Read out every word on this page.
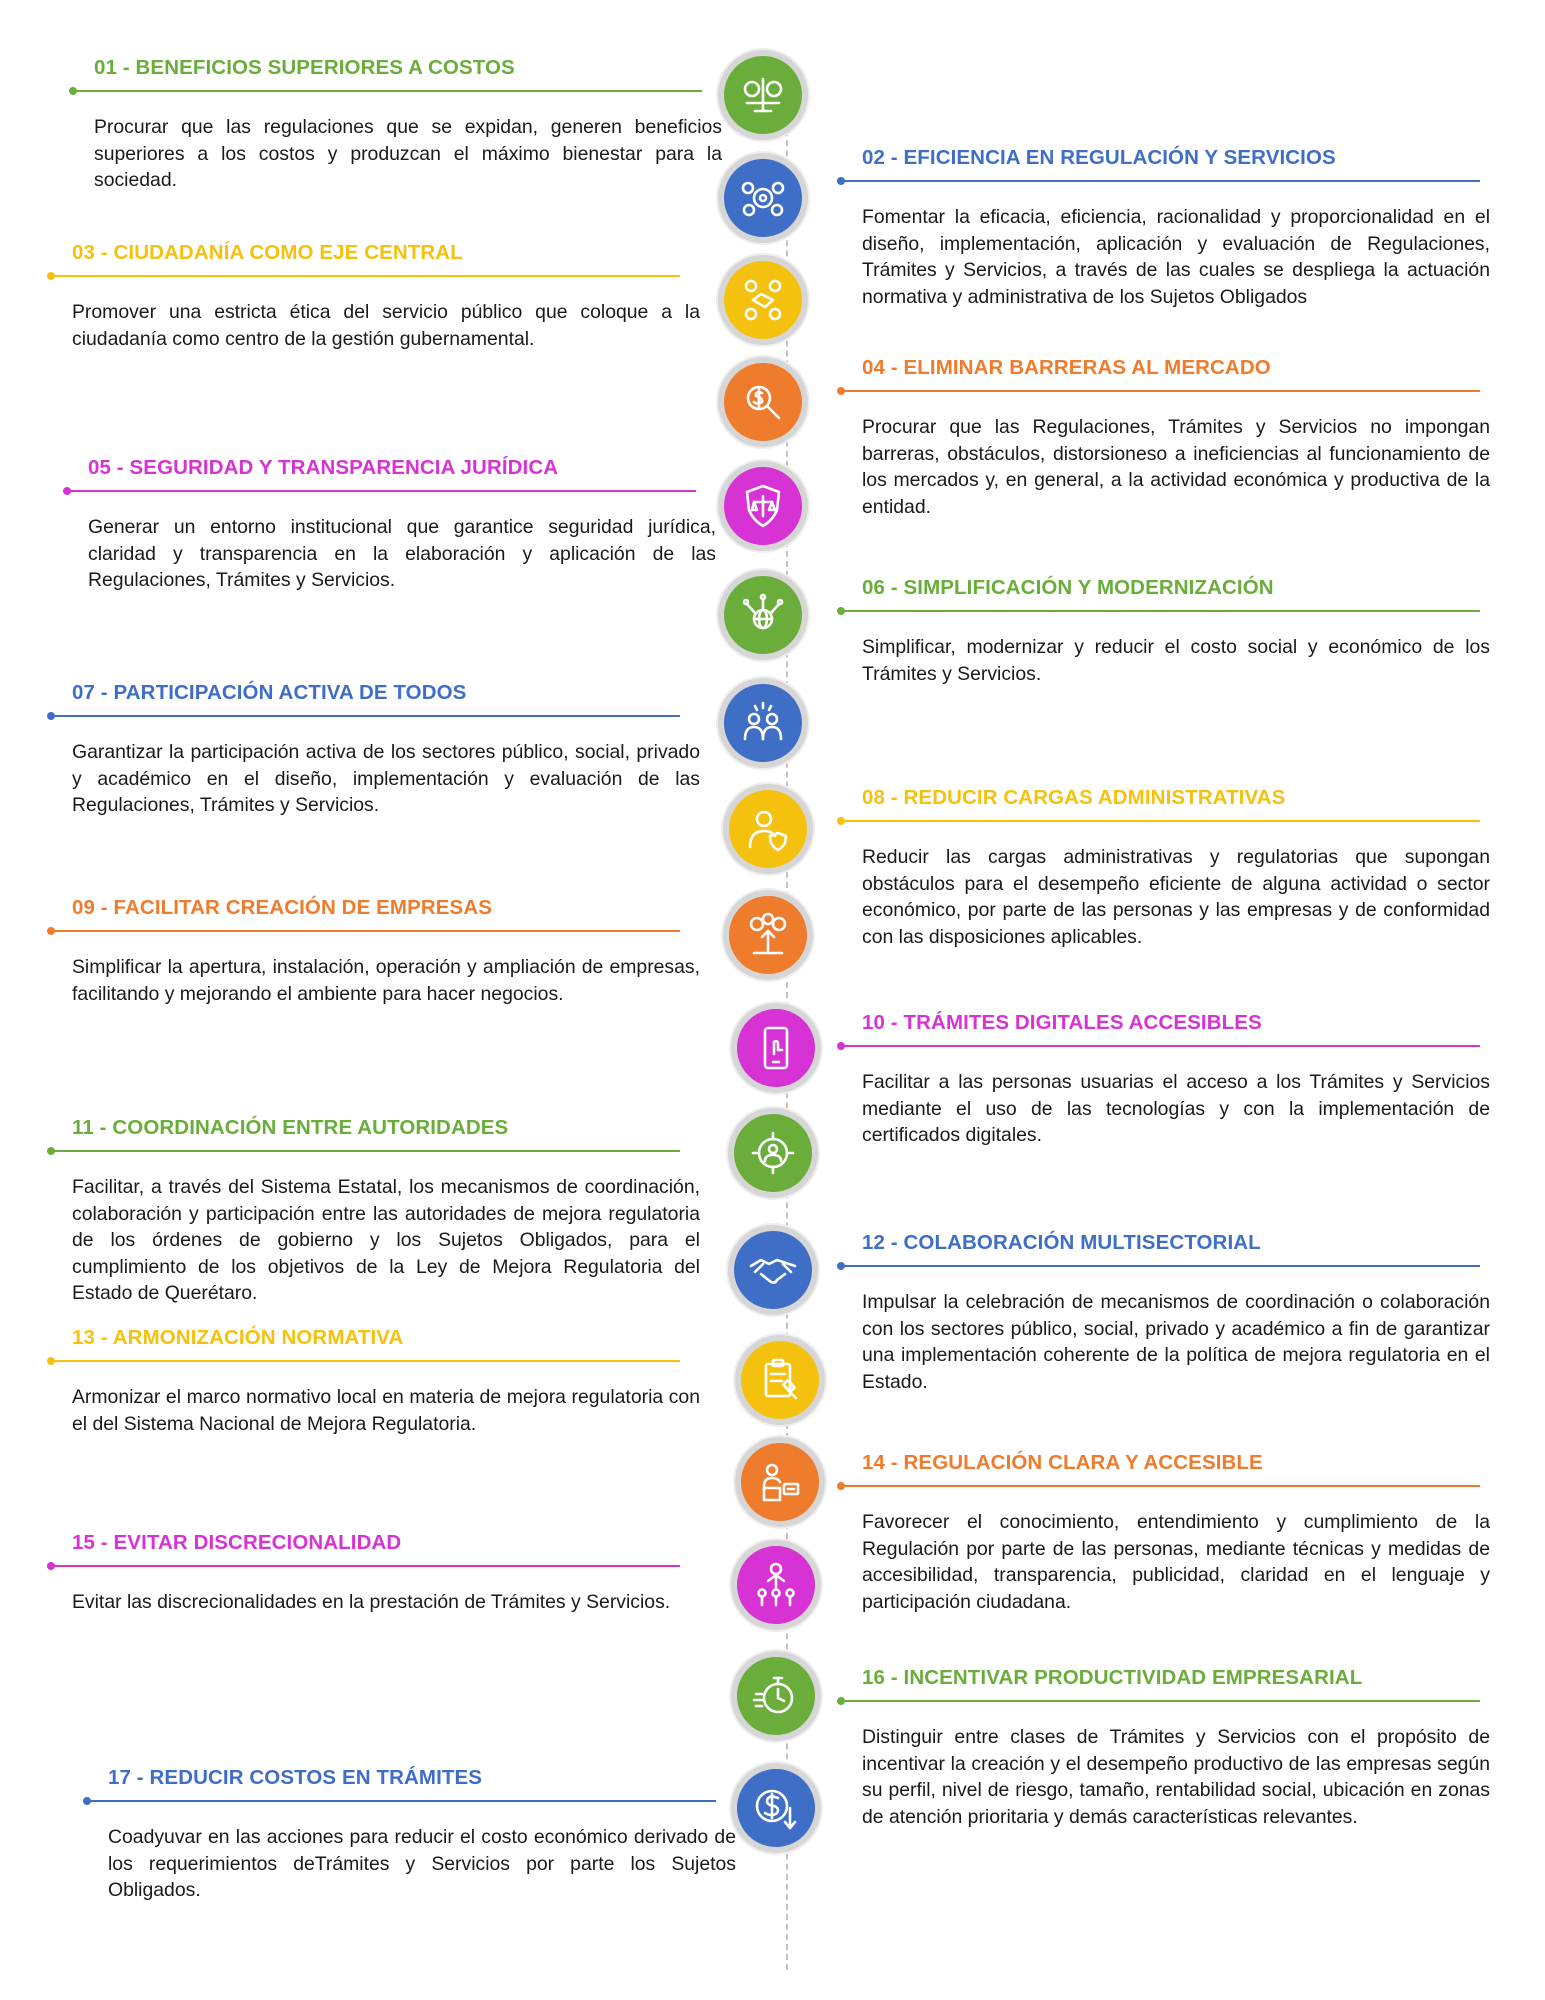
01 - BENEFICIOS SUPERIORES A COSTOS
Procurar que las regulaciones que se expidan, generen beneficios superiores a los costos y produzcan el máximo bienestar para la sociedad.
02 - EFICIENCIA EN REGULACIÓN Y SERVICIOS
Fomentar la eficacia, eficiencia, racionalidad y proporcionalidad en el diseño, implementación, aplicación y evaluación de Regulaciones, Trámites y Servicios, a través de las cuales se despliega la actuación normativa y administrativa de los Sujetos Obligados
03 - CIUDADANÍA COMO EJE CENTRAL
Promover una estricta ética del servicio público que coloque a la ciudadanía como centro de la gestión gubernamental.
04 - ELIMINAR BARRERAS AL MERCADO
Procurar que las Regulaciones, Trámites y Servicios no impongan barreras, obstáculos, distorsioneso a ineficiencias al funcionamiento de los mercados y, en general, a la actividad económica y productiva de la entidad.
05 - SEGURIDAD Y TRANSPARENCIA JURÍDICA
Generar un entorno institucional que garantice seguridad jurídica, claridad y transparencia en la elaboración y aplicación de las Regulaciones, Trámites y Servicios.	06 - SIMPLIFICACIÓN Y MODERNIZACIÓN
Simplificar, modernizar y reducir el costo social y económico de los Trámites y Servicios.
07 - PARTICIPACIÓN ACTIVA DE TODOS
Garantizar la participación activa de los sectores público, social, privado y académico en el diseño, implementación y evaluación de las Regulaciones, Trámites y Servicios.	08 - REDUCIR CARGAS ADMINISTRATIVAS
Reducir las cargas administrativas y regulatorias que supongan obstáculos para el desempeño eficiente de alguna actividad o sector económico, por parte de las personas y las empresas y de conformidad con las disposiciones aplicables.
09 - FACILITAR CREACIÓN DE EMPRESAS
Simplificar la apertura, instalación, operación y ampliación de empresas, facilitando y mejorando el ambiente para hacer negocios.
10 - TRÁMITES DIGITALES ACCESIBLES
Facilitar a las personas usuarias el acceso a los Trámites y Servicios mediante el uso de las tecnologías y con la implementación de certificados digitales.
11 - COORDINACIÓN ENTRE AUTORIDADES
Facilitar, a través del Sistema Estatal, los mecanismos de coordinación, colaboración y participación entre las autoridades de mejora regulatoria de los órdenes de gobierno y los Sujetos Obligados, para el cumplimiento de los objetivos de la Ley de Mejora Regulatoria del Estado de Querétaro.
12 - COLABORACIÓN MULTISECTORIAL
Impulsar la celebración de mecanismos de coordinación o colaboración con los sectores público, social, privado y académico a fin de garantizar una implementación coherente de la política de mejora regulatoria en el Estado.
13 - ARMONIZACIÓN NORMATIVA
Armonizar el marco normativo local en materia de mejora regulatoria con el del Sistema Nacional de Mejora Regulatoria.
14 - REGULACIÓN CLARA Y ACCESIBLE
Favorecer el conocimiento, entendimiento y cumplimiento de la Regulación por parte de las personas, mediante técnicas y medidas de accesibilidad, transparencia, publicidad, claridad en el lenguaje y participación ciudadana.
15 - EVITAR DISCRECIONALIDAD
Evitar las discrecionalidades en la prestación de Trámites y Servicios.
16 - INCENTIVAR PRODUCTIVIDAD EMPRESARIAL
Distinguir entre clases de Trámites y Servicios con el propósito de incentivar la creación y el desempeño productivo de las empresas según su perfil, nivel de riesgo, tamaño, rentabilidad social, ubicación en zonas de atención prioritaria y demás características relevantes.
17 - REDUCIR COSTOS EN TRÁMITES
Coadyuvar en las acciones para reducir el costo económico derivado de los requerimientos deTrámites y Servicios por parte los Sujetos Obligados.
